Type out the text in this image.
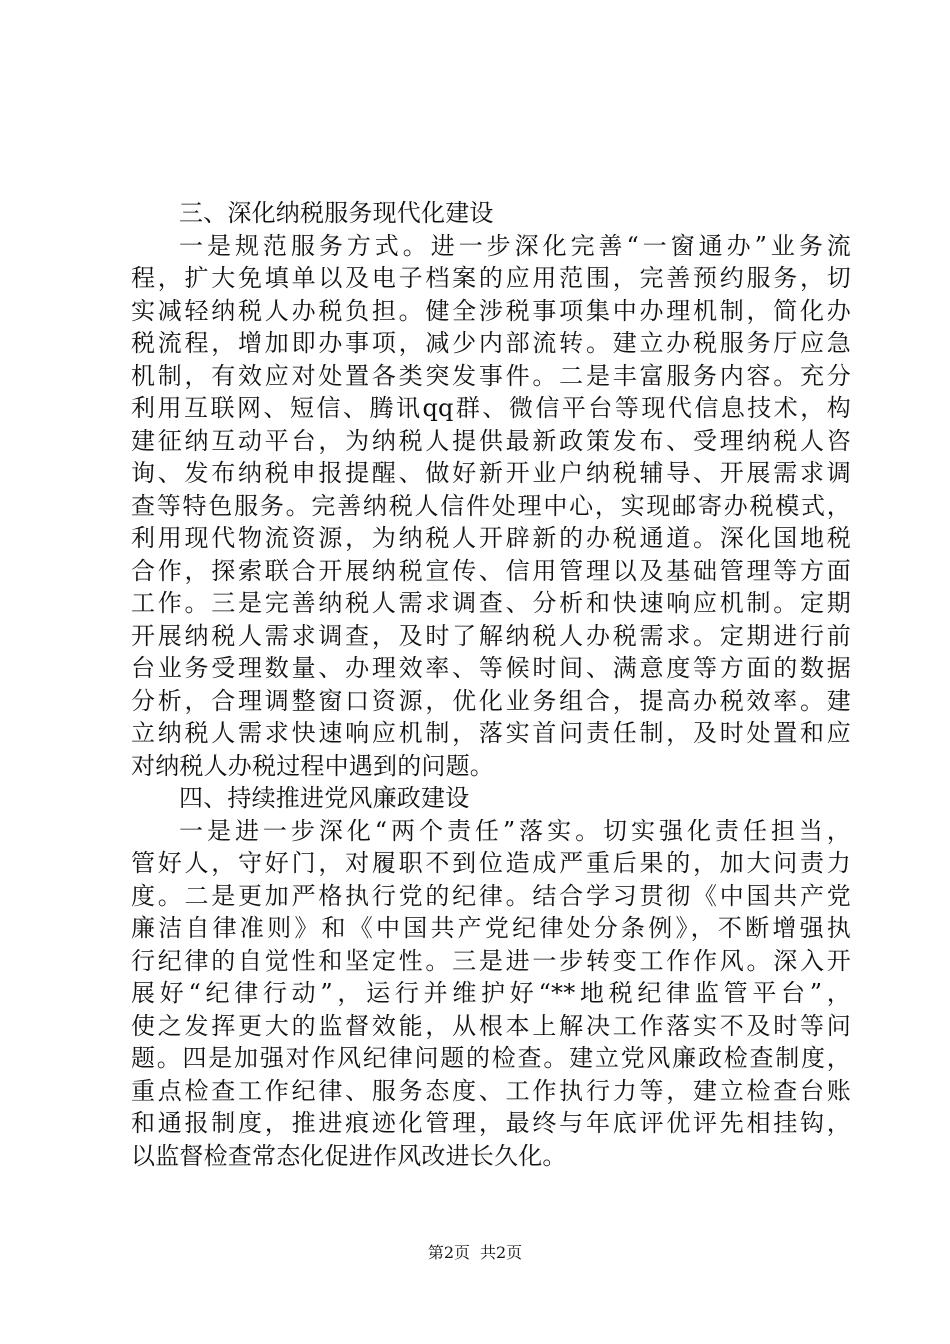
三、深化纳税服务现代化建设
一是规范服务方式。进一步深化完善“一窗通办”业务流
程，扩大免填单以及电子档案的应用范围，完善预约服务，切
实减轻纳税人办税负担。健全涉税事项集中办理机制，简化办
税流程，增加即办事项，减少内部流转。建立办税服务厅应急
机制，有效应对处置各类突发事件。二是丰富服务内容。充分
利用互联网、短信、腾讯qq群、微信平台等现代信息技术，构
建征纳互动平台，为纳税人提供最新政策发布、受理纳税人咨
询、发布纳税申报提醒、做好新开业户纳税辅导、开展需求调
查等特色服务。完善纳税人信件处理中心，实现邮寄办税模式，
利用现代物流资源，为纳税人开辟新的办税通道。深化国地税
合作，探索联合开展纳税宣传、信用管理以及基础管理等方面
工作。三是完善纳税人需求调查、分析和快速响应机制。定期
开展纳税人需求调查，及时了解纳税人办税需求。定期进行前
台业务受理数量、办理效率、等候时间、满意度等方面的数据
分析，合理调整窗口资源，优化业务组合，提高办税效率。建
立纳税人需求快速响应机制，落实首问责任制，及时处置和应
对纳税人办税过程中遇到的问题。
四、持续推进党风廉政建设
一是进一步深化“两个责任”落实。切实强化责任担当，
管好人，守好门，对履职不到位造成严重后果的，加大问责力
度。二是更加严格执行党的纪律。结合学习贯彻《中国共产党
廉洁自律准则》和《中国共产党纪律处分条例》，不断增强执
行纪律的自觉性和坚定性。三是进一步转变工作作风。深入开
展好“纪律行动”，运行并维护好“**地税纪律监管平台”，
使之发挥更大的监督效能，从根本上解决工作落实不及时等问
题。四是加强对作风纪律问题的检查。建立党风廉政检查制度，
重点检查工作纪律、服务态度、工作执行力等，建立检查台账
和通报制度，推进痕迹化管理，最终与年底评优评先相挂钩，
以监督检查常态化促进作风改进长久化。
第2页 共2页
